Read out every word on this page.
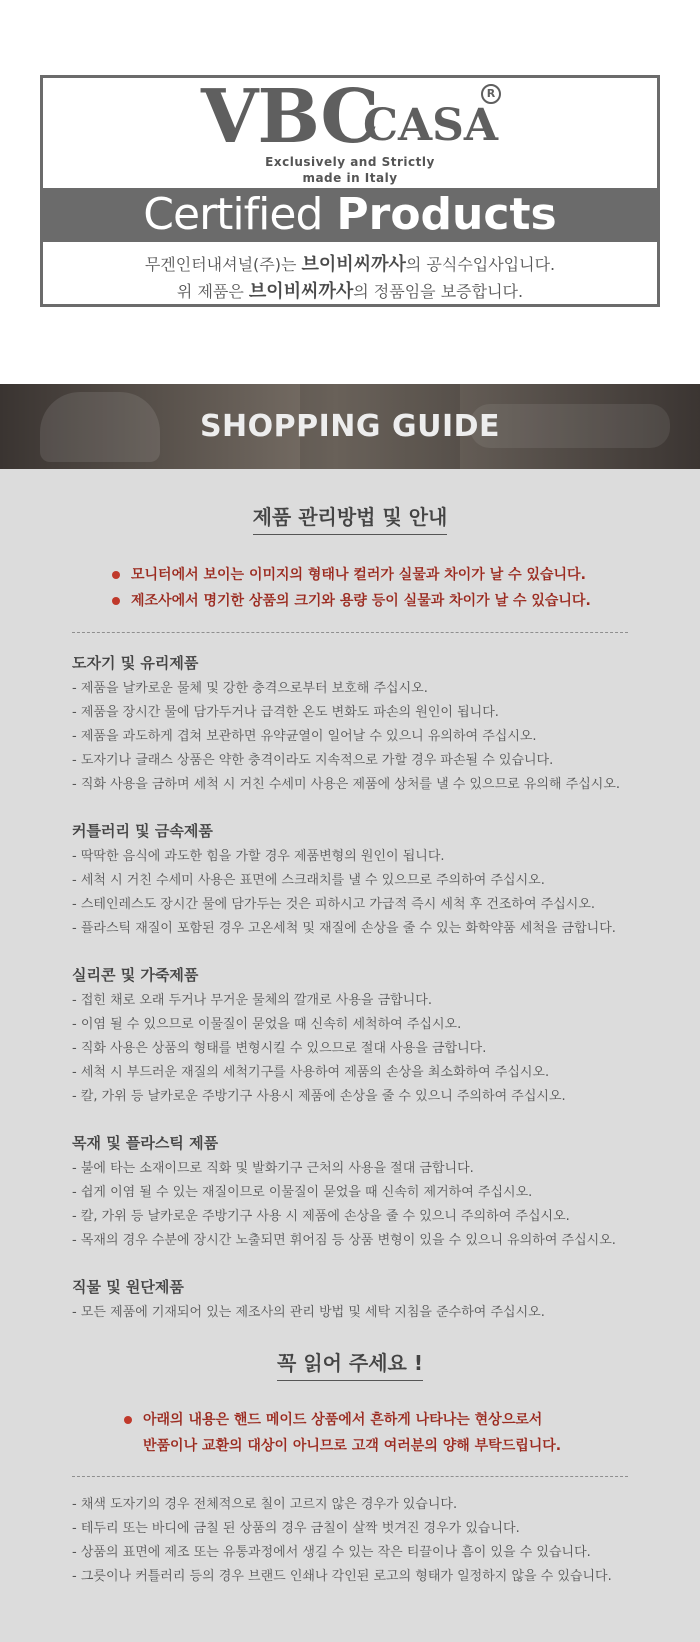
VBC
CASA
R
Exclusively and Strictly
made in Italy
Certified Products
무겐인터내셔널(주)는 브이비씨까사의 공식수입사입니다.
위 제품은 브이비씨까사의 정품임을 보증합니다.
SHOPPING GUIDE
제품 관리방법 및 안내
모니터에서 보이는 이미지의 형태나 컬러가 실물과 차이가 날 수 있습니다.
제조사에서 명기한 상품의 크기와 용량 등이 실물과 차이가 날 수 있습니다.
도자기 및 유리제품
- 제품을 날카로운 물체 및 강한 충격으로부터 보호해 주십시오.
- 제품을 장시간 물에 담가두거나 급격한 온도 변화도 파손의 원인이 됩니다.
- 제품을 과도하게 겹쳐 보관하면 유약균열이 일어날 수 있으니 유의하여 주십시오.
- 도자기나 글래스 상품은 약한 충격이라도 지속적으로 가할 경우 파손될 수 있습니다.
- 직화 사용을 금하며 세척 시 거친 수세미 사용은 제품에 상처를 낼 수 있으므로 유의해 주십시오.
커틀러리 및 금속제품
- 딱딱한 음식에 과도한 힘을 가할 경우 제품변형의 원인이 됩니다.
- 세척 시 거친 수세미 사용은 표면에 스크래치를 낼 수 있으므로 주의하여 주십시오.
- 스테인레스도 장시간 물에 담가두는 것은 피하시고 가급적 즉시 세척 후 건조하여 주십시오.
- 플라스틱 재질이 포함된 경우 고온세척 및 재질에 손상을 줄 수 있는 화학약품 세척을 금합니다.
실리콘 및 가죽제품
- 접힌 채로 오래 두거나 무거운 물체의 깔개로 사용을 금합니다.
- 이염 될 수 있으므로 이물질이 묻었을 때 신속히 세척하여 주십시오.
- 직화 사용은 상품의 형태를 변형시킬 수 있으므로 절대 사용을 금합니다.
- 세척 시 부드러운 재질의 세척기구를 사용하여 제품의 손상을 최소화하여 주십시오.
- 칼, 가위 등 날카로운 주방기구 사용시 제품에 손상을 줄 수 있으니 주의하여 주십시오.
목재 및 플라스틱 제품
- 불에 타는 소재이므로 직화 및 발화기구 근처의 사용을 절대 금합니다.
- 쉽게 이염 될 수 있는 재질이므로 이물질이 묻었을 때 신속히 제거하여 주십시오.
- 칼, 가위 등 날카로운 주방기구 사용 시 제품에 손상을 줄 수 있으니 주의하여 주십시오.
- 목재의 경우 수분에 장시간 노출되면 휘어짐 등 상품 변형이 있을 수 있으니 유의하여 주십시오.
직물 및 원단제품
- 모든 제품에 기재되어 있는 제조사의 관리 방법 및 세탁 지침을 준수하여 주십시오.
꼭 읽어 주세요 !
아래의 내용은 핸드 메이드 상품에서 흔하게 나타나는 현상으로서
반품이나 교환의 대상이 아니므로 고객 여러분의 양해 부탁드립니다.
- 채색 도자기의 경우 전체적으로 칠이 고르지 않은 경우가 있습니다.
- 테두리 또는 바디에 금칠 된 상품의 경우 금칠이 살짝 벗겨진 경우가 있습니다.
- 상품의 표면에 제조 또는 유통과정에서 생길 수 있는 작은 티끌이나 흠이 있을 수 있습니다.
- 그릇이나 커틀러리 등의 경우 브랜드 인쇄나 각인된 로고의 형태가 일정하지 않을 수 있습니다.
